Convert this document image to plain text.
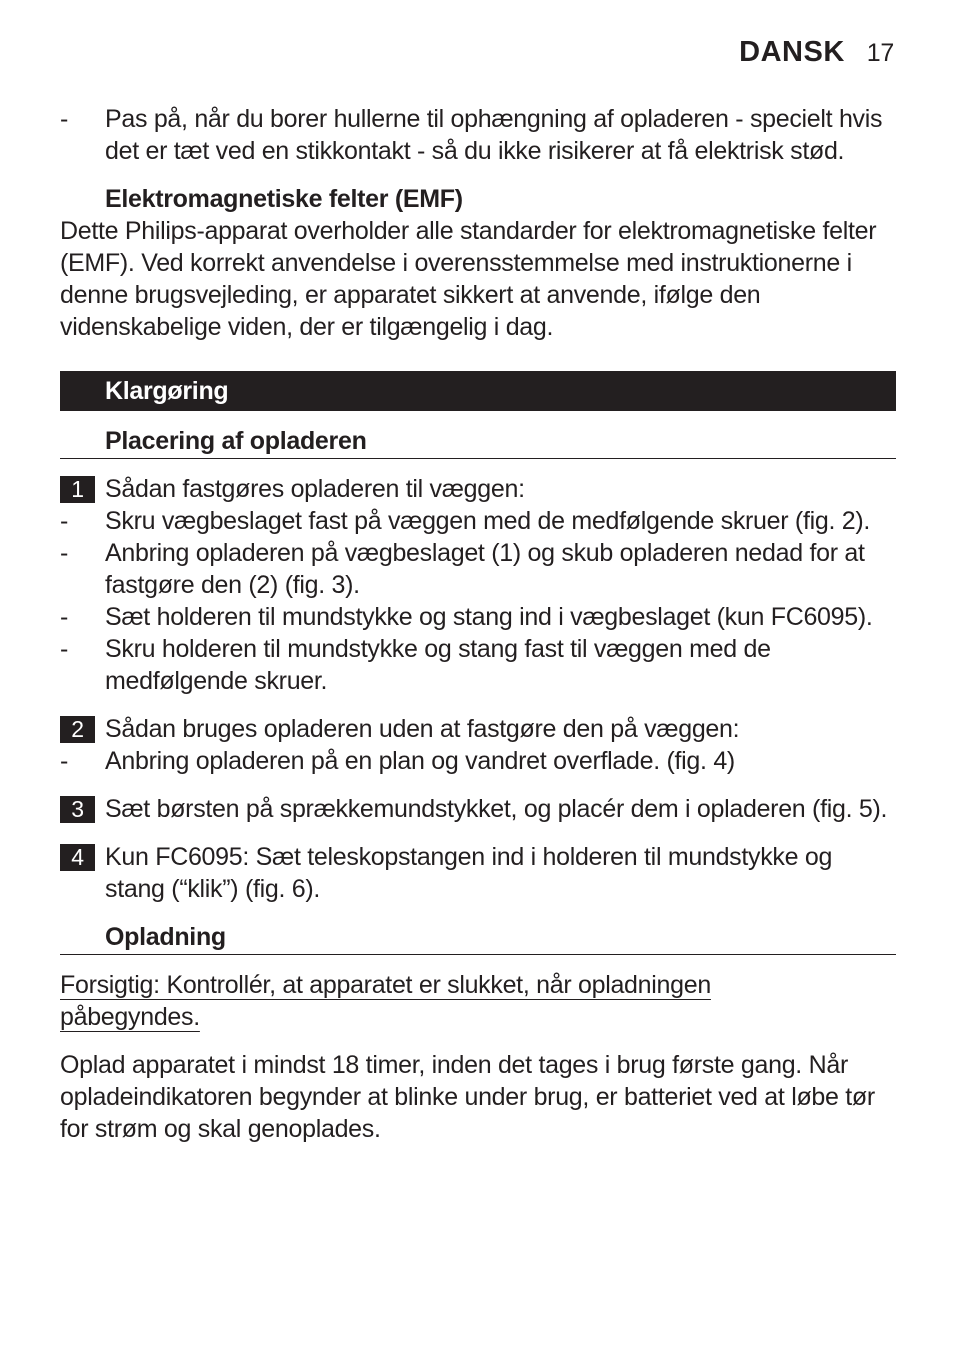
DANSK 17
- Pas på, når du borer hullerne til ophængning af opladeren - specielt hvis det er tæt ved en stikkontakt - så du ikke risikerer at få elektrisk stød.
Elektromagnetiske felter (EMF)
Dette Philips-apparat overholder alle standarder for elektromagnetiske felter (EMF). Ved korrekt anvendelse i overensstemmelse med instruktionerne i denne brugsvejleding, er apparatet sikkert at anvende, ifølge den videnskabelige viden, der er tilgængelig i dag.
Klargøring
Placering af opladeren
1 Sådan fastgøres opladeren til væggen:
- Skru vægbeslaget fast på væggen med de medfølgende skruer (fig. 2).
- Anbring opladeren på vægbeslaget (1) og skub opladeren nedad for at fastgøre den (2) (fig. 3).
- Sæt holderen til mundstykke og stang ind i vægbeslaget (kun FC6095).
- Skru holderen til mundstykke og stang fast til væggen med de medfølgende skruer.
2 Sådan bruges opladeren uden at fastgøre den på væggen:
- Anbring opladeren på en plan og vandret overflade. (fig. 4)
3 Sæt børsten på sprækkemundstykket, og placér dem i opladeren (fig. 5).
4 Kun FC6095: Sæt teleskopstangen ind i holderen til mundstykke og stang (“klik”) (fig. 6).
Opladning
Forsigtig: Kontrollér, at apparatet er slukket, når opladningen påbegyndes.
Oplad apparatet i mindst 18 timer, inden det tages i brug første gang. Når opladeindikatoren begynder at blinke under brug, er batteriet ved at løbe tør for strøm og skal genoplades.
